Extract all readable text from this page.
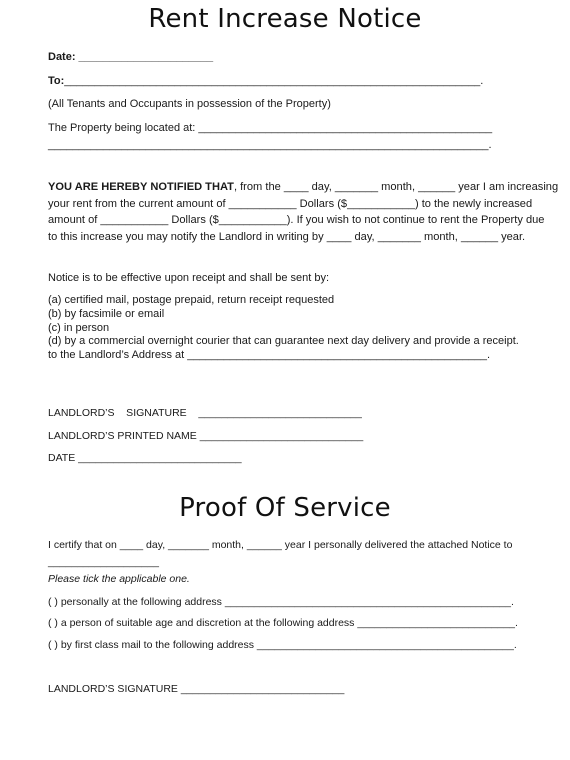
Rent Increase Notice
Date: ______________________
To:____________________________________________________________________.
(All Tenants and Occupants in possession of the Property)
The Property being located at: ________________________________________________
________________________________________________________________________.
YOU ARE HEREBY NOTIFIED THAT, from the ____ day, _______ month, ______ year I am increasing
your rent from the current amount of ___________ Dollars ($___________) to the newly increased
amount of ___________ Dollars ($___________). If you wish to not continue to rent the Property due
to this increase you may notify the Landlord in writing by ____ day, _______ month, ______ year.
Notice is to be effective upon receipt and shall be sent by:
(a) certified mail, postage prepaid, return receipt requested
(b) by facsimile or email
(c) in person
(d) by a commercial overnight courier that can guarantee next day delivery and provide a receipt.
to the Landlord’s Address at _________________________________________________.
LANDLORD’S    SIGNATURE    ____________________________
LANDLORD’S PRINTED NAME ____________________________
DATE ____________________________
Proof Of Service
I certify that on ____ day, _______ month, ______ year I personally delivered the attached Notice to
___________________
Please tick the applicable one.
( ) personally at the following address _________________________________________________.
( ) a person of suitable age and discretion at the following address ___________________________.
( ) by first class mail to the following address ____________________________________________.
LANDLORD’S SIGNATURE ____________________________
